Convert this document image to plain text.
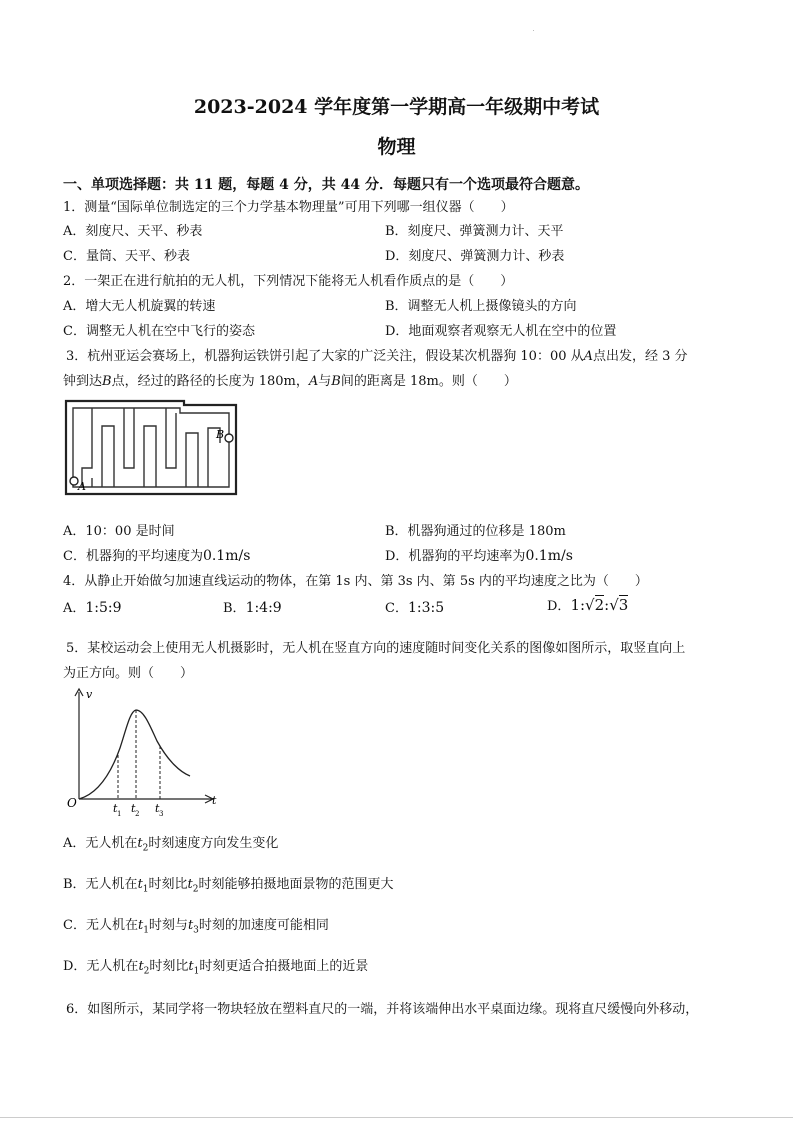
2023-2024 学年度第一学期高一年级期中考试
物理
一、单项选择题：共 11 题，每题 4 分，共 44 分．每题只有一个选项最符合题意。
1．测量“国际单位制选定的三个力学基本物理量”可用下列哪一组仪器（　　）
A．刻度尺、天平、秒表	B．刻度尺、弹簧测力计、天平
C．量筒、天平、秒表	D．刻度尺、弹簧测力计、秒表
2．一架正在进行航拍的无人机，下列情况下能将无人机看作质点的是（　　）
A．增大无人机旋翼的转速	B．调整无人机上摄像镜头的方向
C．调整无人机在空中飞行的姿态	D．地面观察者观察无人机在空中的位置
3．杭州亚运会赛场上，机器狗运铁饼引起了大家的广泛关注，假设某次机器狗 10：00 从A点出发，经 3 分
钟到达B点，经过的路径的长度为 180m，A与B间的距离是 18m。则（　　）
A
B
A．10：00 是时间	B．机器狗通过的位移是 180m
C．机器狗的平均速度为0.1m/s	D．机器狗的平均速率为0.1m/s
4．从静止开始做匀加速直线运动的物体，在第 1s 内、第 3s 内、第 5s 内的平均速度之比为（　　）
A．1:5:9	B．1:4:9	C．1:3:5	D．1:√2:√3
5．某校运动会上使用无人机摄影时，无人机在竖直方向的速度随时间变化关系的图像如图所示，取竖直向上
为正方向。则（　　）
v
t
O	t 1 t 2 t 3
A．无人机在$t_2$时刻速度方向发生变化
B．无人机在$t_1$时刻比$t_2$时刻能够拍摄地面景物的范围更大
C．无人机在$t_1$时刻与$t_3$时刻的加速度可能相同
D．无人机在$t_2$时刻比$t_1$时刻更适合拍摄地面上的近景
6．如图所示，某同学将一物块轻放在塑料直尺的一端，并将该端伸出水平桌面边缘。现将直尺缓慢向外移动，
